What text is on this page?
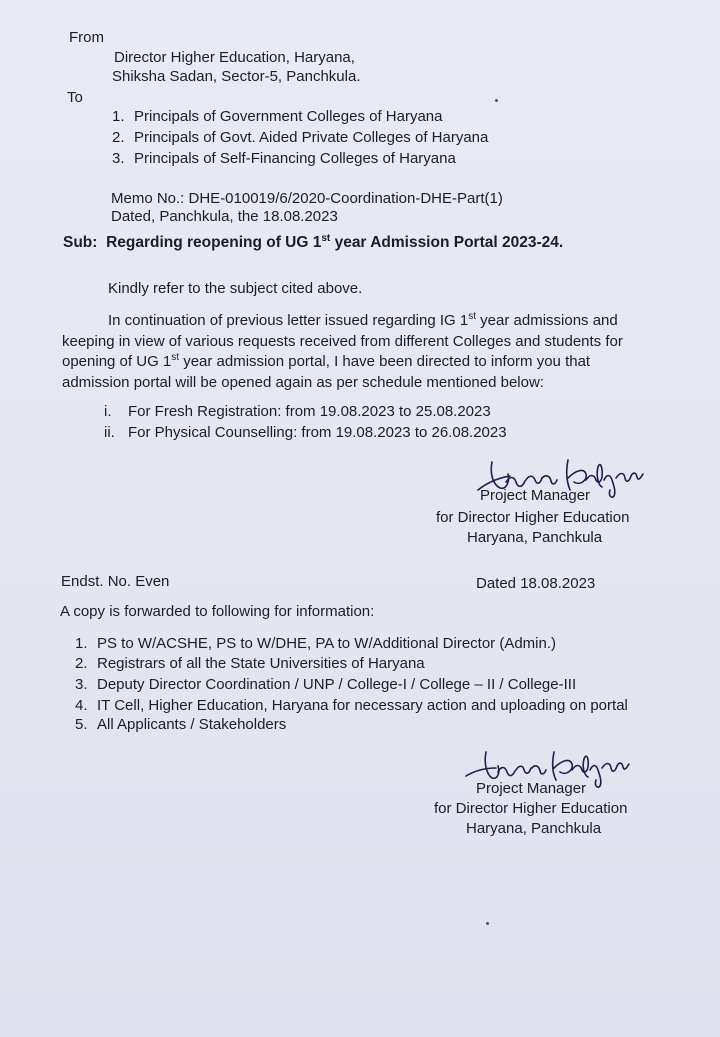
From
Director Higher Education, Haryana,
Shiksha Sadan, Sector-5, Panchkula.
To
1. Principals of Government Colleges of Haryana
2. Principals of Govt. Aided Private Colleges of Haryana
3. Principals of Self-Financing Colleges of Haryana
Memo No.: DHE-010019/6/2020-Coordination-DHE-Part(1)
Dated, Panchkula, the 18.08.2023
Sub: Regarding reopening of UG 1st year Admission Portal 2023-24.
Kindly refer to the subject cited above.
In continuation of previous letter issued regarding IG 1st year admissions and keeping in view of various requests received from different Colleges and students for opening of UG 1st year admission portal, I have been directed to inform you that admission portal will be opened again as per schedule mentioned below:
i. For Fresh Registration: from 19.08.2023 to 25.08.2023
ii. For Physical Counselling: from 19.08.2023 to 26.08.2023
Project Manager
for Director Higher Education
Haryana, Panchkula
Endst. No. Even	Dated 18.08.2023
A copy is forwarded to following for information:
1. PS to W/ACSHE, PS to W/DHE, PA to W/Additional Director (Admin.)
2. Registrars of all the State Universities of Haryana
3. Deputy Director Coordination / UNP / College-I / College – II / College-III
4. IT Cell, Higher Education, Haryana for necessary action and uploading on portal
5. All Applicants / Stakeholders
Project Manager
for Director Higher Education
Haryana, Panchkula
